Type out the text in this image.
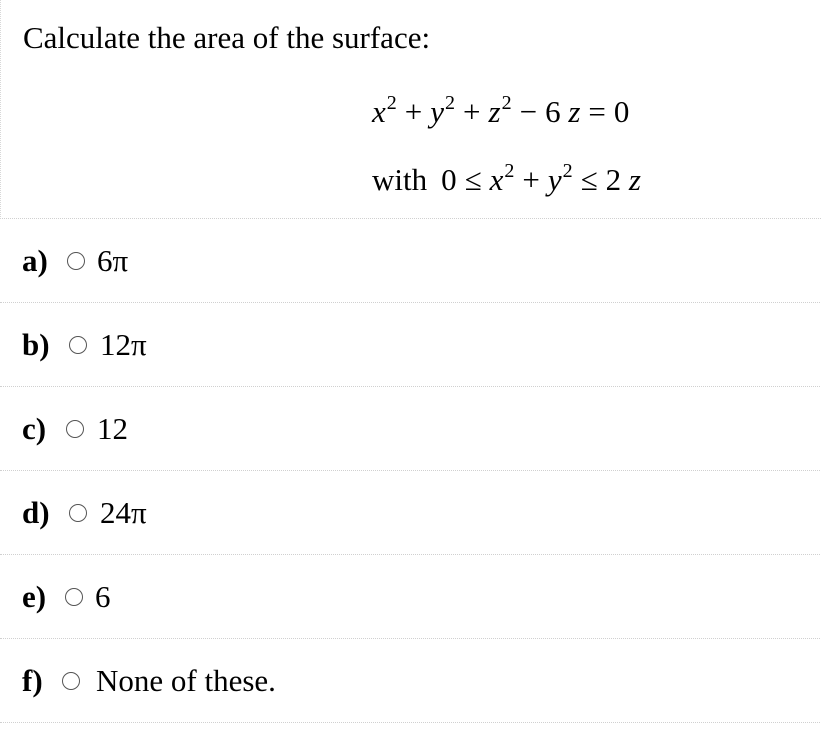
Calculate the area of the surface:
$x^2 + y^2 + z^2 - 6$ z = 0
with $0 \le x^2 + y^2 \le 2$ z
a) 6π
b) 12π
c) 12
d) 24π
e) 6
f) None of these.
